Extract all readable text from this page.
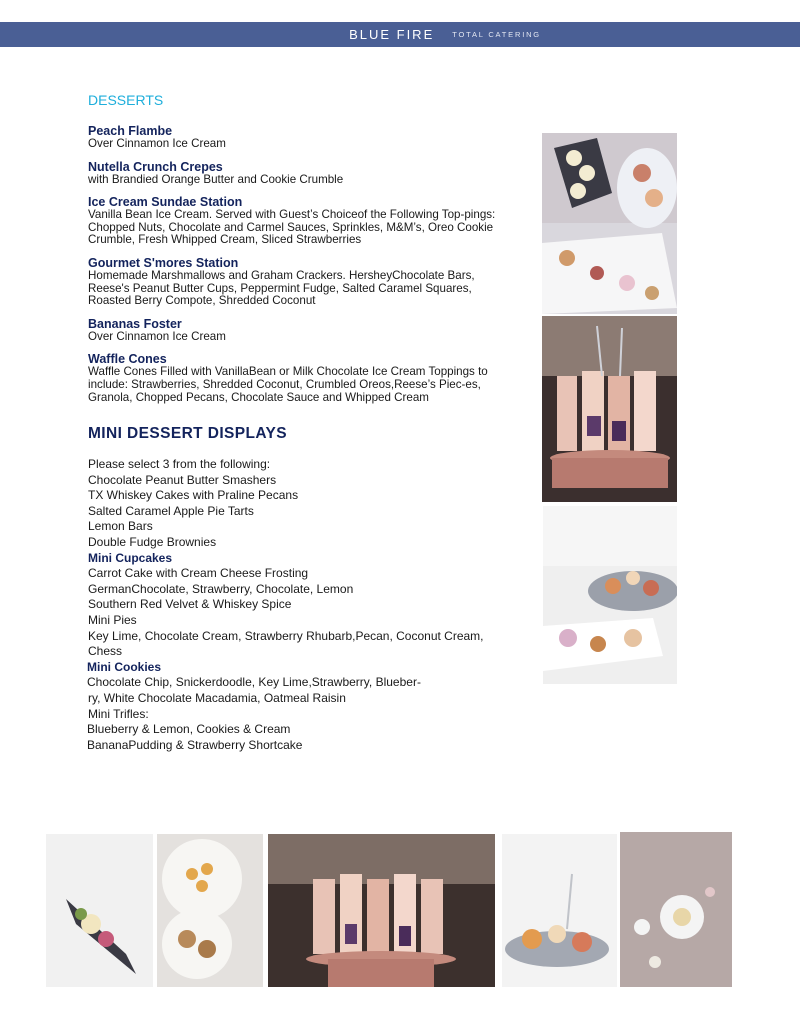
BLUE FIRE TOTAL CATERING
DESSERTS
Peach Flambe
Over Cinnamon Ice Cream
Nutella Crunch Crepes
with Brandied Orange Butter and Cookie Crumble
Ice Cream Sundae Station
Vanilla Bean Ice Cream. Served with Guest’s Choiceof the Following Top-pings: Chopped Nuts, Chocolate and Carmel Sauces, Sprinkles, M&M’s, Oreo Cookie Crumble, Fresh Whipped Cream, Sliced Strawberries
Gourmet S'mores Station
Homemade Marshmallows and Graham Crackers. HersheyChocolate Bars, Reese's Peanut Butter Cups, Peppermint Fudge, Salted Caramel Squares, Roasted Berry Compote, Shredded Coconut
Bananas Foster
Over Cinnamon Ice Cream
Waffle Cones
Waffle Cones Filled with VanillaBean or Milk Chocolate Ice Cream Toppings to include: Strawberries, Shredded Coconut, Crumbled Oreos,Reese’s Piec-es, Granola, Chopped Pecans, Chocolate Sauce and Whipped Cream
MINI DESSERT DISPLAYS
Please select 3 from the following:
Chocolate Peanut Butter Smashers
TX Whiskey Cakes with Praline Pecans
Salted Caramel Apple Pie Tarts
Lemon Bars
Double Fudge Brownies
Mini Cupcakes
Carrot Cake with Cream Cheese Frosting
GermanChocolate, Strawberry, Chocolate, Lemon
Southern Red Velvet & Whiskey Spice
Mini Pies
Key Lime, Chocolate Cream, Strawberry Rhubarb,Pecan, Coconut Cream,
Chess
Mini Cookies
Chocolate Chip, Snickerdoodle, Key Lime,Strawberry, Blueber-
ry, White Chocolate Macadamia, Oatmeal Raisin
Mini Trifles:
Blueberry & Lemon, Cookies & Cream
BananaPudding & Strawberry Shortcake
